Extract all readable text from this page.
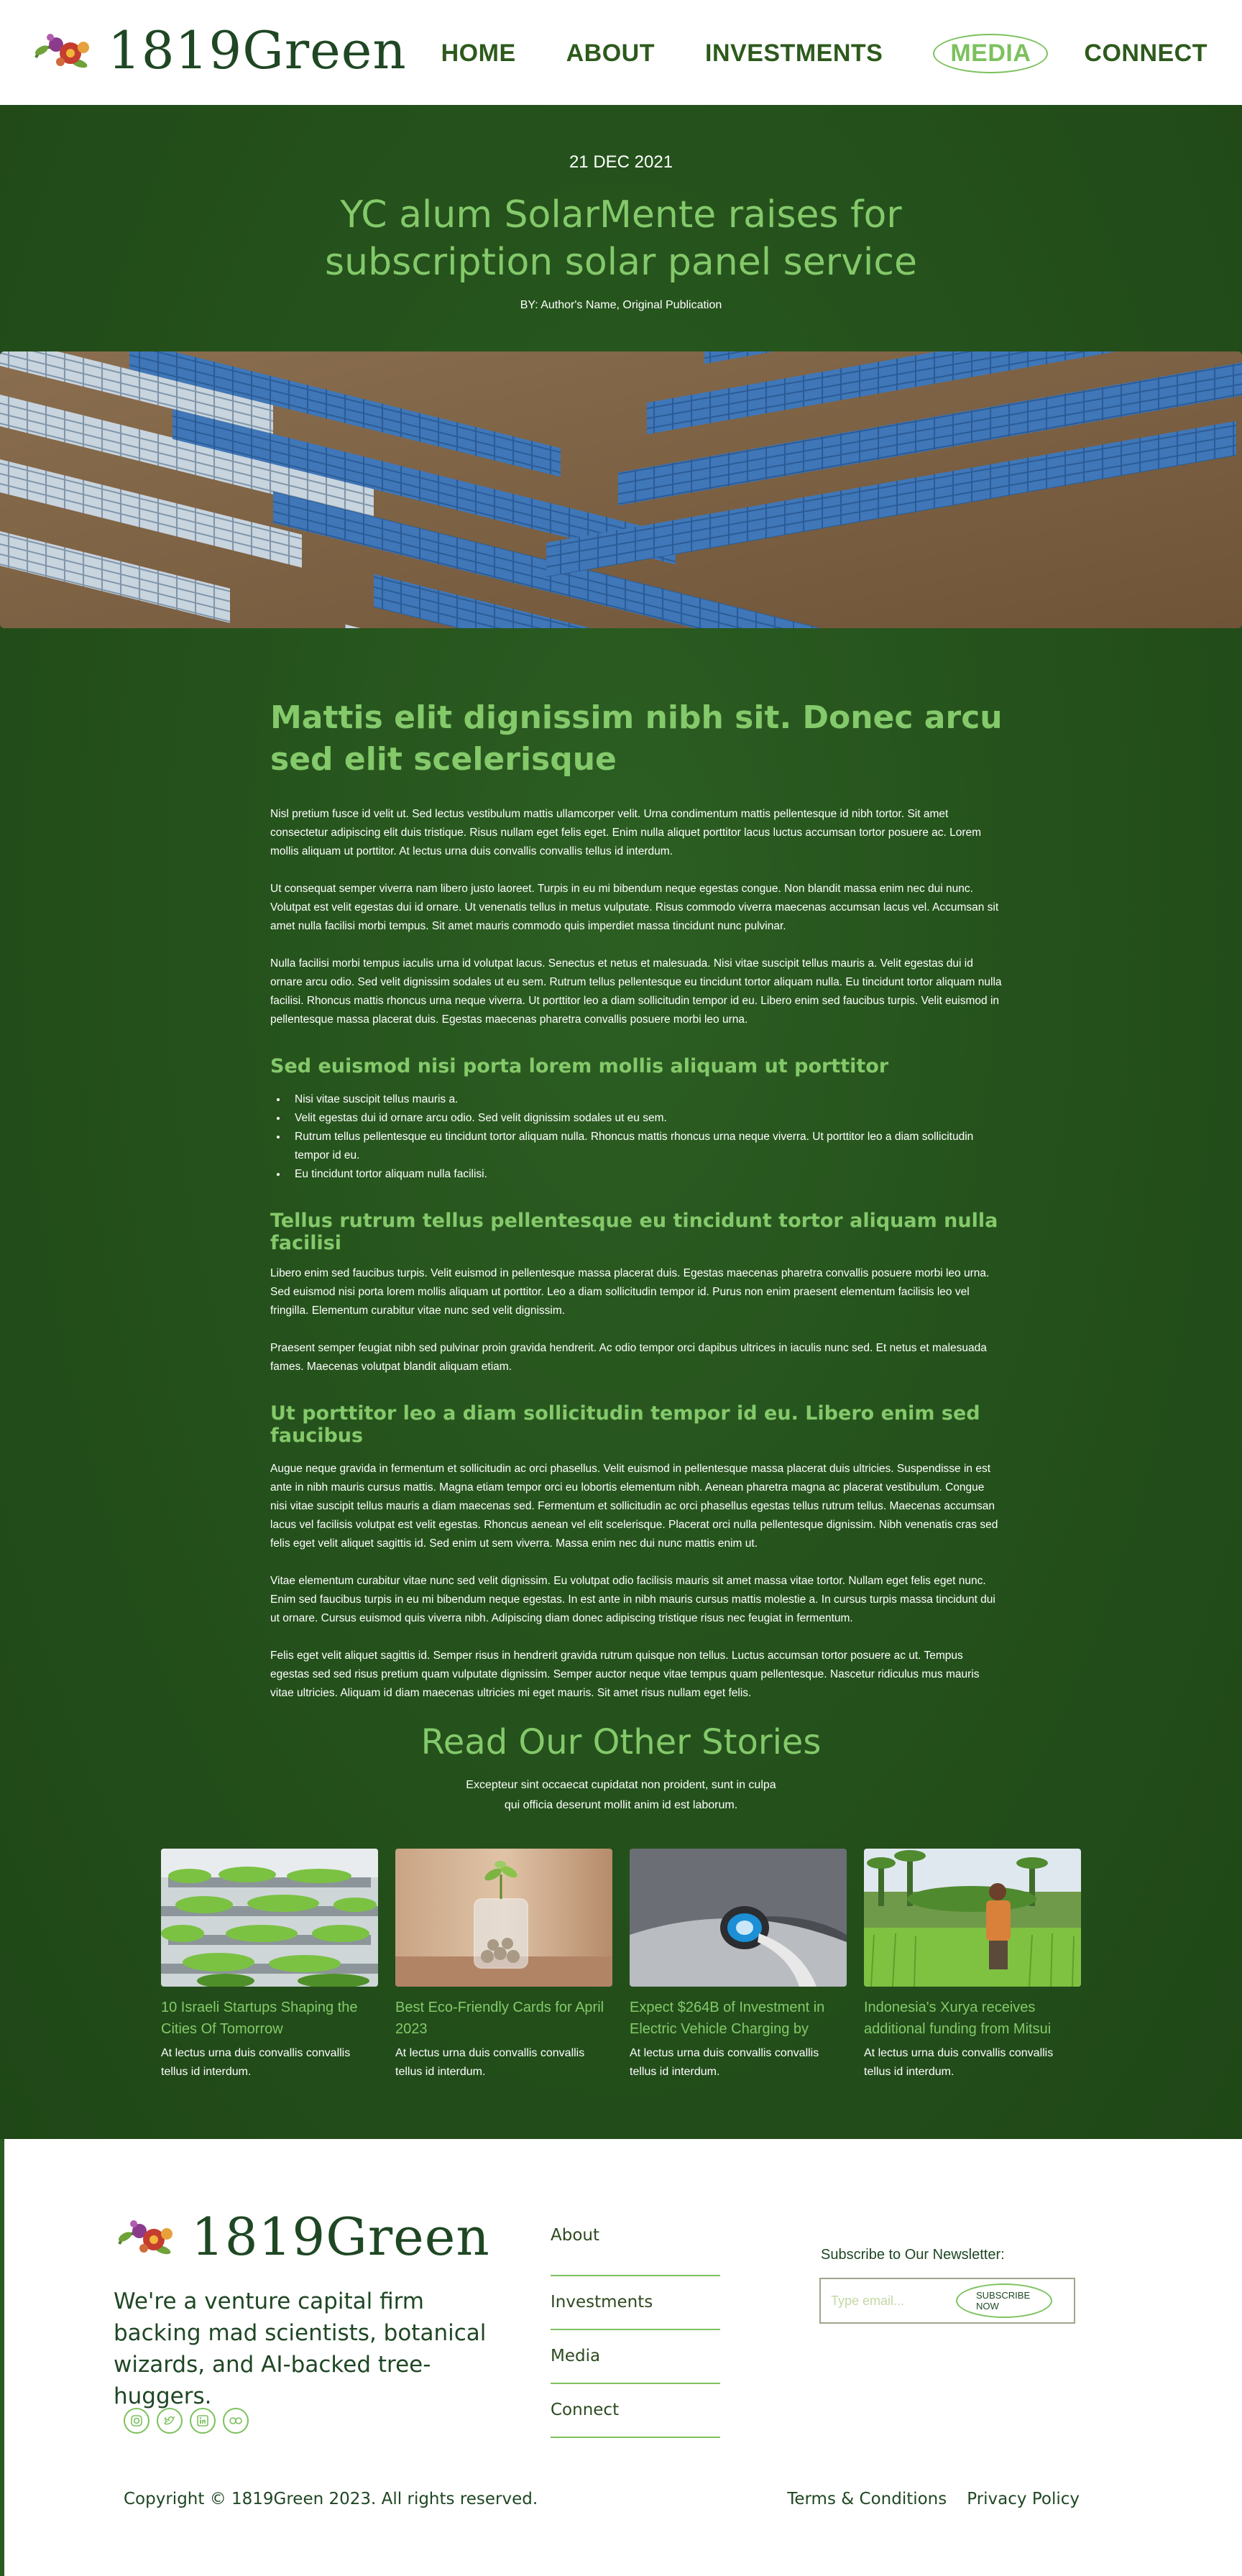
1819Green HOME ABOUT INVESTMENTS	MEDIA	CONNECT
21 DEC 2021
YC alum SolarMente raises for
subscription solar panel service
BY: Author's Name, Original Publication
Mattis elit dignissim nibh sit. Donec arcu sed elit scelerisque

Nisl pretium fusce id velit ut. Sed lectus vestibulum mattis ullamcorper velit. Urna condimentum mattis pellentesque id nibh tortor. Sit amet consectetur adipiscing elit duis tristique. Risus nullam eget felis eget. Enim nulla aliquet porttitor lacus luctus accumsan tortor posuere ac. Lorem mollis aliquam ut porttitor. At lectus urna duis convallis convallis tellus id interdum.

Ut consequat semper viverra nam libero justo laoreet. Turpis in eu mi bibendum neque egestas congue. Non blandit massa enim nec dui nunc. Volutpat est velit egestas dui id ornare. Ut venenatis tellus in metus vulputate. Risus commodo viverra maecenas accumsan lacus vel. Accumsan sit amet nulla facilisi morbi tempus. Sit amet mauris commodo quis imperdiet massa tincidunt nunc pulvinar.

Nulla facilisi morbi tempus iaculis urna id volutpat lacus. Senectus et netus et malesuada. Nisi vitae suscipit tellus mauris a. Velit egestas dui id ornare arcu odio. Sed velit dignissim sodales ut eu sem. Rutrum tellus pellentesque eu tincidunt tortor aliquam nulla. Eu tincidunt tortor aliquam nulla facilisi. Rhoncus mattis rhoncus urna neque viverra. Ut porttitor leo a diam sollicitudin tempor id eu. Libero enim sed faucibus turpis. Velit euismod in pellentesque massa placerat duis. Egestas maecenas pharetra convallis posuere morbi leo urna.

Sed euismod nisi porta lorem mollis aliquam ut porttitor
• Nisi vitae suscipit tellus mauris a.
• Velit egestas dui id ornare arcu odio. Sed velit dignissim sodales ut eu sem.
• Rutrum tellus pellentesque eu tincidunt tortor aliquam nulla. Rhoncus mattis rhoncus urna neque viverra. Ut porttitor leo a diam sollicitudin tempor id eu.
• Eu tincidunt tortor aliquam nulla facilisi.
Tellus rutrum tellus pellentesque eu tincidunt tortor aliquam nulla facilisi

Libero enim sed faucibus turpis. Velit euismod in pellentesque massa placerat duis. Egestas maecenas pharetra convallis posuere morbi leo urna. Sed euismod nisi porta lorem mollis aliquam ut porttitor. Leo a diam sollicitudin tempor id. Purus non enim praesent elementum facilisis leo vel fringilla. Elementum curabitur vitae nunc sed velit dignissim.

Praesent semper feugiat nibh sed pulvinar proin gravida hendrerit. Ac odio tempor orci dapibus ultrices in iaculis nunc sed. Et netus et malesuada fames. Maecenas volutpat blandit aliquam etiam.

Ut porttitor leo a diam sollicitudin tempor id eu. Libero enim sed faucibus

Augue neque gravida in fermentum et sollicitudin ac orci phasellus. Velit euismod in pellentesque massa placerat duis ultricies. Suspendisse in est ante in nibh mauris cursus mattis. Magna etiam tempor orci eu lobortis elementum nibh. Aenean pharetra magna ac placerat vestibulum. Congue nisi vitae suscipit tellus mauris a diam maecenas sed. Fermentum et sollicitudin ac orci phasellus egestas tellus rutrum tellus. Maecenas accumsan lacus vel facilisis volutpat est velit egestas. Rhoncus aenean vel elit scelerisque. Placerat orci nulla pellentesque dignissim. Nibh venenatis cras sed felis eget velit aliquet sagittis id. Sed enim ut sem viverra. Massa enim nec dui nunc mattis enim ut.

Vitae elementum curabitur vitae nunc sed velit dignissim. Eu volutpat odio facilisis mauris sit amet massa vitae tortor. Nullam eget felis eget nunc. Enim sed faucibus turpis in eu mi bibendum neque egestas. In est ante in nibh mauris cursus mattis molestie a. In cursus turpis massa tincidunt dui ut ornare. Cursus euismod quis viverra nibh. Adipiscing diam donec adipiscing tristique risus nec feugiat in fermentum.

Felis eget velit aliquet sagittis id. Semper risus in hendrerit gravida rutrum quisque non tellus. Luctus accumsan tortor posuere ac ut. Tempus egestas sed sed risus pretium quam vulputate dignissim. Semper auctor neque vitae tempus quam pellentesque. Nascetur ridiculus mus mauris vitae ultricies. Aliquam id diam maecenas ultricies mi eget mauris. Sit amet risus nullam eget felis.

Read Our Other Stories
Excepteur sint occaecat cupidatat non proident, sunt in culpa
qui officia deserunt mollit anim id est laborum.
10 Israeli Startups Shaping the Cities Of Tomorrow
At lectus urna duis convallis convallis tellus id interdum.
Best Eco-Friendly Cards for April 2023
At lectus urna duis convallis convallis tellus id interdum.
Expect $264B of Investment in Electric Vehicle Charging by
At lectus urna duis convallis convallis tellus id interdum.
Indonesia's Xurya receives additional funding from Mitsui
At lectus urna duis convallis convallis tellus id interdum.
1819Green
We're a venture capital firm backing mad scientists, botanical wizards, and AI-backed tree-huggers.
About
Investments
Media
Connect
Subscribe to Our Newsletter:
Type email...
SUBSCRIBE NOW
Copyright © 1819Green 2023. All rights reserved.	Terms & Conditions Privacy Policy
